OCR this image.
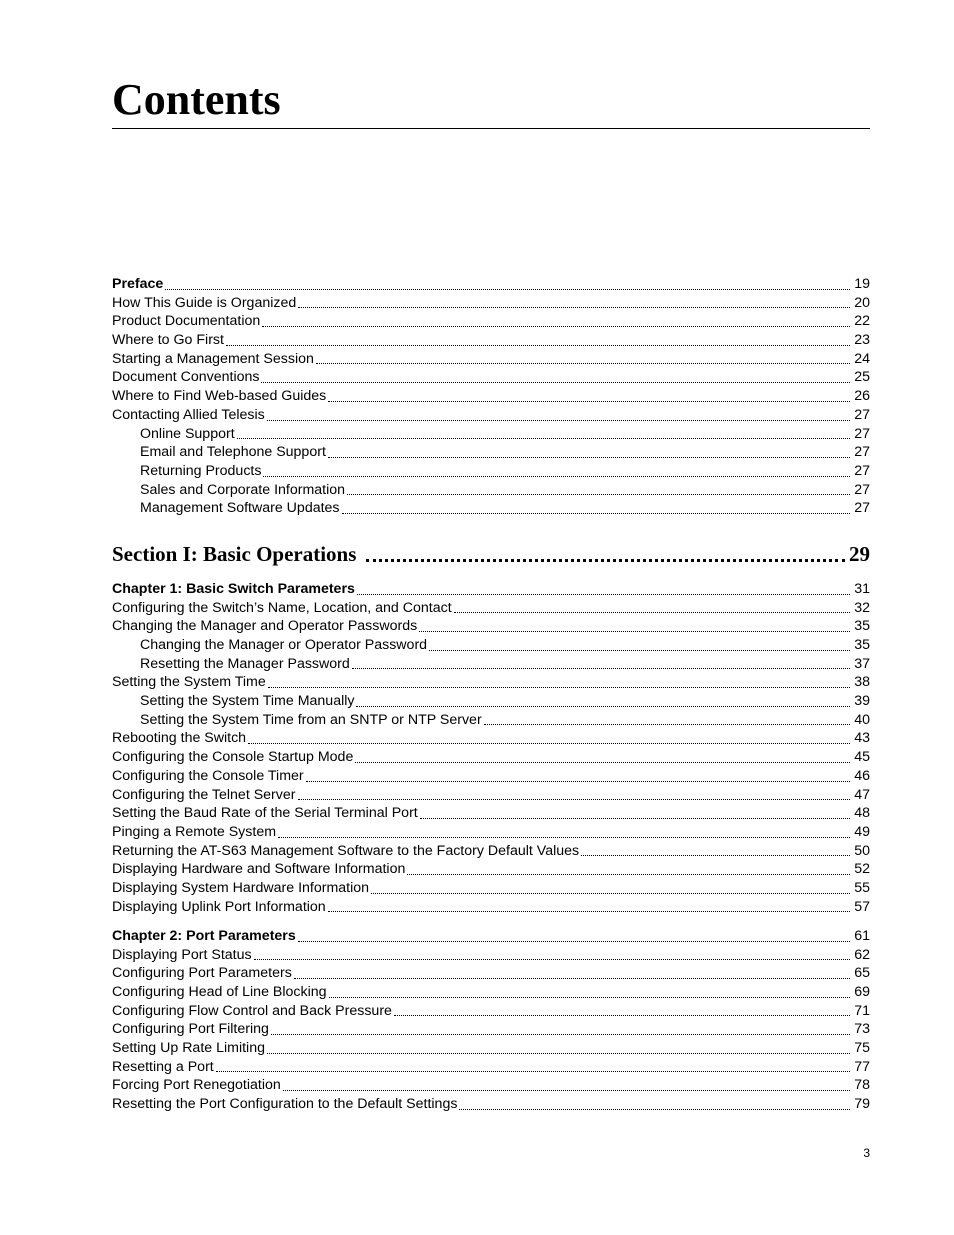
Contents
Preface	19
How This Guide is Organized	20
Product Documentation	22
Where to Go First	23
Starting a Management Session	24
Document Conventions	25
Where to Find Web-based Guides	26
Contacting Allied Telesis	27
Online Support	27
Email and Telephone Support	27
Returning Products	27
Sales and Corporate Information	27
Management Software Updates	27
Section I: Basic Operations	29
Chapter 1: Basic Switch Parameters	31
Configuring the Switch’s Name, Location, and Contact	32
Changing the Manager and Operator Passwords	35
Changing the Manager or Operator Password	35
Resetting the Manager Password	37
Setting the System Time	38
Setting the System Time Manually	39
Setting the System Time from an SNTP or NTP Server	40
Rebooting the Switch	43
Configuring the Console Startup Mode	45
Configuring the Console Timer	46
Configuring the Telnet Server	47
Setting the Baud Rate of the Serial Terminal Port	48
Pinging a Remote System	49
Returning the AT-S63 Management Software to the Factory Default Values	50
Displaying Hardware and Software Information	52
Displaying System Hardware Information	55
Displaying Uplink Port Information	57
Chapter 2: Port Parameters	61
Displaying Port Status	62
Configuring Port Parameters	65
Configuring Head of Line Blocking	69
Configuring Flow Control and Back Pressure	71
Configuring Port Filtering	73
Setting Up Rate Limiting	75
Resetting a Port	77
Forcing Port Renegotiation	78
Resetting the Port Configuration to the Default Settings	79
3
